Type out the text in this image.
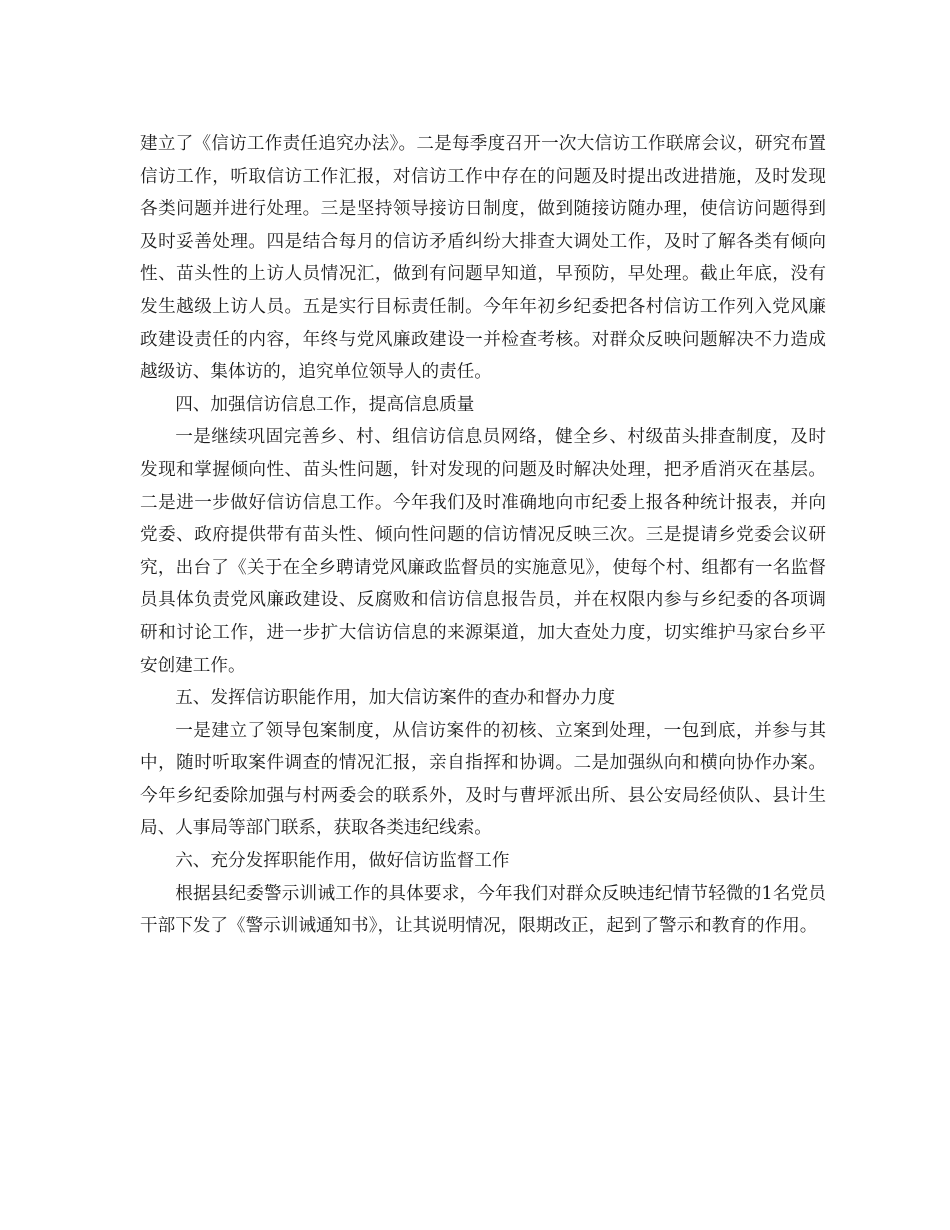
建立了《信访工作责任追究办法》。二是每季度召开一次大信访工作联席会议，研究布置信访工作，听取信访工作汇报，对信访工作中存在的问题及时提出改进措施，及时发现各类问题并进行处理。三是坚持领导接访日制度，做到随接访随办理，使信访问题得到及时妥善处理。四是结合每月的信访矛盾纠纷大排查大调处工作，及时了解各类有倾向性、苗头性的上访人员情况汇，做到有问题早知道，早预防，早处理。截止年底，没有发生越级上访人员。五是实行目标责任制。今年年初乡纪委把各村信访工作列入党风廉政建设责任的内容，年终与党风廉政建设一并检查考核。对群众反映问题解决不力造成越级访、集体访的，追究单位领导人的责任。

四、加强信访信息工作，提高信息质量

一是继续巩固完善乡、村、组信访信息员网络，健全乡、村级苗头排查制度，及时发现和掌握倾向性、苗头性问题，针对发现的问题及时解决处理，把矛盾消灭在基层。二是进一步做好信访信息工作。今年我们及时准确地向市纪委上报各种统计报表，并向党委、政府提供带有苗头性、倾向性问题的信访情况反映三次。三是提请乡党委会议研究，出台了《关于在全乡聘请党风廉政监督员的实施意见》，使每个村、组都有一名监督员具体负责党风廉政建设、反腐败和信访信息报告员，并在权限内参与乡纪委的各项调研和讨论工作，进一步扩大信访信息的来源渠道，加大查处力度，切实维护马家台乡平安创建工作。

五、发挥信访职能作用，加大信访案件的查办和督办力度

一是建立了领导包案制度，从信访案件的初核、立案到处理，一包到底，并参与其中，随时听取案件调查的情况汇报，亲自指挥和协调。二是加强纵向和横向协作办案。今年乡纪委除加强与村两委会的联系外，及时与曹坪派出所、县公安局经侦队、县计生局、人事局等部门联系，获取各类违纪线索。

六、充分发挥职能作用，做好信访监督工作

根据县纪委警示训诫工作的具体要求，今年我们对群众反映违纪情节轻微的1名党员干部下发了《警示训诫通知书》，让其说明情况，限期改正，起到了警示和教育的作用。
